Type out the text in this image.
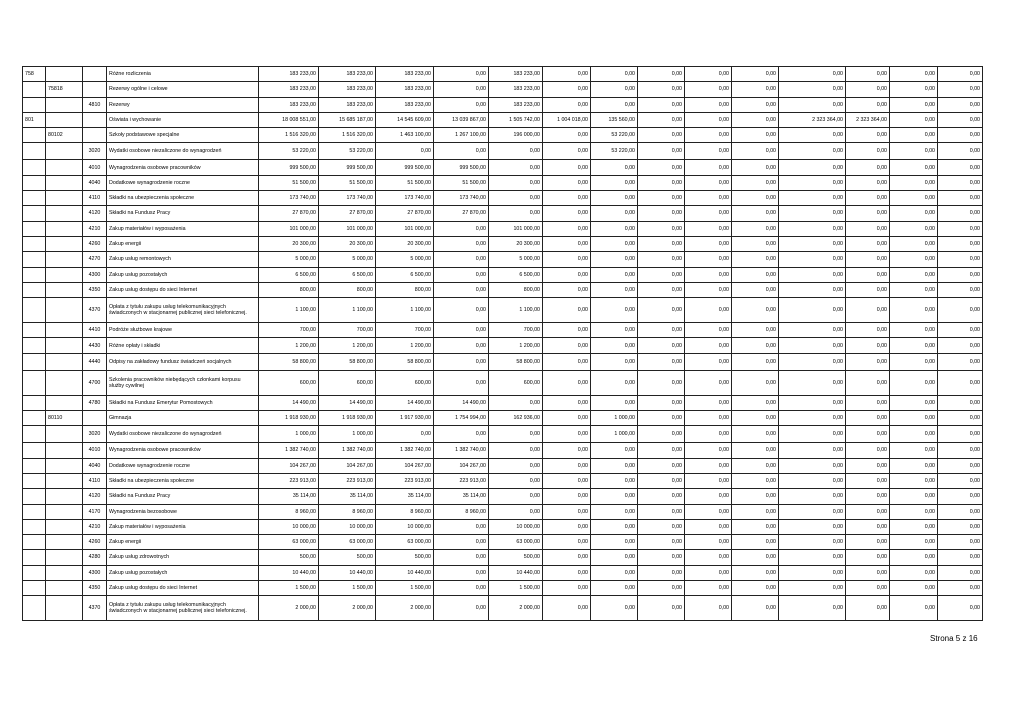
758			Różne rozliczenia	183 233,00	183 233,00	183 233,00	0,00	183 233,00	0,00	0,00	0,00	0,00	0,00	0,00	0,00	0,00	0,00
	75818		Rezerwy ogólne i celowe	183 233,00	183 233,00	183 233,00	0,00	183 233,00	0,00	0,00	0,00	0,00	0,00	0,00	0,00	0,00	0,00
		4810	Rezerwy	183 233,00	183 233,00	183 233,00	0,00	183 233,00	0,00	0,00	0,00	0,00	0,00	0,00	0,00	0,00	0,00
801			Oświata i wychowanie	18 008 551,00	15 685 187,00	14 545 609,00	13 039 867,00	1 505 742,00	1 004 018,00	135 560,00	0,00	0,00	0,00	2 323 364,00	2 323 364,00	0,00	0,00
	80102		Szkoły podstawowe specjalne	1 516 320,00	1 516 320,00	1 463 100,00	1 267 100,00	196 000,00	0,00	53 220,00	0,00	0,00	0,00	0,00	0,00	0,00	0,00
		3020	Wydatki osobowe niezaliczone do wynagrodzeń	53 220,00	53 220,00	0,00	0,00	0,00	0,00	53 220,00	0,00	0,00	0,00	0,00	0,00	0,00	0,00
		4010	Wynagrodzenia osobowe pracowników	999 500,00	999 500,00	999 500,00	999 500,00	0,00	0,00	0,00	0,00	0,00	0,00	0,00	0,00	0,00	0,00
		4040	Dodatkowe wynagrodzenie roczne	51 500,00	51 500,00	51 500,00	51 500,00	0,00	0,00	0,00	0,00	0,00	0,00	0,00	0,00	0,00	0,00
		4110	Składki na ubezpieczenia społeczne	173 740,00	173 740,00	173 740,00	173 740,00	0,00	0,00	0,00	0,00	0,00	0,00	0,00	0,00	0,00	0,00
		4120	Składki na Fundusz Pracy	27 870,00	27 870,00	27 870,00	27 870,00	0,00	0,00	0,00	0,00	0,00	0,00	0,00	0,00	0,00	0,00
		4210	Zakup materiałów i wyposażenia	101 000,00	101 000,00	101 000,00	0,00	101 000,00	0,00	0,00	0,00	0,00	0,00	0,00	0,00	0,00	0,00
		4260	Zakup energii	20 300,00	20 300,00	20 300,00	0,00	20 300,00	0,00	0,00	0,00	0,00	0,00	0,00	0,00	0,00	0,00
		4270	Zakup usług remontowych	5 000,00	5 000,00	5 000,00	0,00	5 000,00	0,00	0,00	0,00	0,00	0,00	0,00	0,00	0,00	0,00
		4300	Zakup usług pozostałych	6 500,00	6 500,00	6 500,00	0,00	6 500,00	0,00	0,00	0,00	0,00	0,00	0,00	0,00	0,00	0,00
		4350	Zakup usług dostępu do sieci Internet	800,00	800,00	800,00	0,00	800,00	0,00	0,00	0,00	0,00	0,00	0,00	0,00	0,00	0,00
		4370	Opłata z tytułu zakupu usług telekomunikacyjnych świadczonych w stacjonarnej publicznej sieci telefonicznej.	1 100,00	1 100,00	1 100,00	0,00	1 100,00	0,00	0,00	0,00	0,00	0,00	0,00	0,00	0,00	0,00
		4410	Podróże służbowe krajowe	700,00	700,00	700,00	0,00	700,00	0,00	0,00	0,00	0,00	0,00	0,00	0,00	0,00	0,00
		4430	Różne opłaty i składki	1 200,00	1 200,00	1 200,00	0,00	1 200,00	0,00	0,00	0,00	0,00	0,00	0,00	0,00	0,00	0,00
		4440	Odpisy na zakładowy fundusz świadczeń socjalnych	58 800,00	58 800,00	58 800,00	0,00	58 800,00	0,00	0,00	0,00	0,00	0,00	0,00	0,00	0,00	0,00
		4700	Szkolenia pracowników niebędących członkami korpusu służby cywilnej	600,00	600,00	600,00	0,00	600,00	0,00	0,00	0,00	0,00	0,00	0,00	0,00	0,00	0,00
		4780	Składki na Fundusz Emerytur Pomostowych	14 490,00	14 490,00	14 490,00	14 490,00	0,00	0,00	0,00	0,00	0,00	0,00	0,00	0,00	0,00	0,00
	80110		Gimnazja	1 918 930,00	1 918 930,00	1 917 930,00	1 754 994,00	162 936,00	0,00	1 000,00	0,00	0,00	0,00	0,00	0,00	0,00	0,00
		3020	Wydatki osobowe niezaliczone do wynagrodzeń	1 000,00	1 000,00	0,00	0,00	0,00	0,00	1 000,00	0,00	0,00	0,00	0,00	0,00	0,00	0,00
		4010	Wynagrodzenia osobowe pracowników	1 382 740,00	1 382 740,00	1 382 740,00	1 382 740,00	0,00	0,00	0,00	0,00	0,00	0,00	0,00	0,00	0,00	0,00
		4040	Dodatkowe wynagrodzenie roczne	104 267,00	104 267,00	104 267,00	104 267,00	0,00	0,00	0,00	0,00	0,00	0,00	0,00	0,00	0,00	0,00
		4110	Składki na ubezpieczenia społeczne	223 913,00	223 913,00	223 913,00	223 913,00	0,00	0,00	0,00	0,00	0,00	0,00	0,00	0,00	0,00	0,00
		4120	Składki na Fundusz Pracy	35 114,00	35 114,00	35 114,00	35 114,00	0,00	0,00	0,00	0,00	0,00	0,00	0,00	0,00	0,00	0,00
		4170	Wynagrodzenia bezosobowe	8 960,00	8 960,00	8 960,00	8 960,00	0,00	0,00	0,00	0,00	0,00	0,00	0,00	0,00	0,00	0,00
		4210	Zakup materiałów i wyposażenia	10 000,00	10 000,00	10 000,00	0,00	10 000,00	0,00	0,00	0,00	0,00	0,00	0,00	0,00	0,00	0,00
		4260	Zakup energii	63 000,00	63 000,00	63 000,00	0,00	63 000,00	0,00	0,00	0,00	0,00	0,00	0,00	0,00	0,00	0,00
		4280	Zakup usług zdrowotnych	500,00	500,00	500,00	0,00	500,00	0,00	0,00	0,00	0,00	0,00	0,00	0,00	0,00	0,00
		4300	Zakup usług pozostałych	10 440,00	10 440,00	10 440,00	0,00	10 440,00	0,00	0,00	0,00	0,00	0,00	0,00	0,00	0,00	0,00
		4350	Zakup usług dostępu do sieci Internet	1 500,00	1 500,00	1 500,00	0,00	1 500,00	0,00	0,00	0,00	0,00	0,00	0,00	0,00	0,00	0,00
		4370	Opłata z tytułu zakupu usług telekomunikacyjnych świadczonych w stacjonarnej publicznej sieci telefonicznej.	2 000,00	2 000,00	2 000,00	0,00	2 000,00	0,00	0,00	0,00	0,00	0,00	0,00	0,00	0,00	0,00
Strona 5 z 16
